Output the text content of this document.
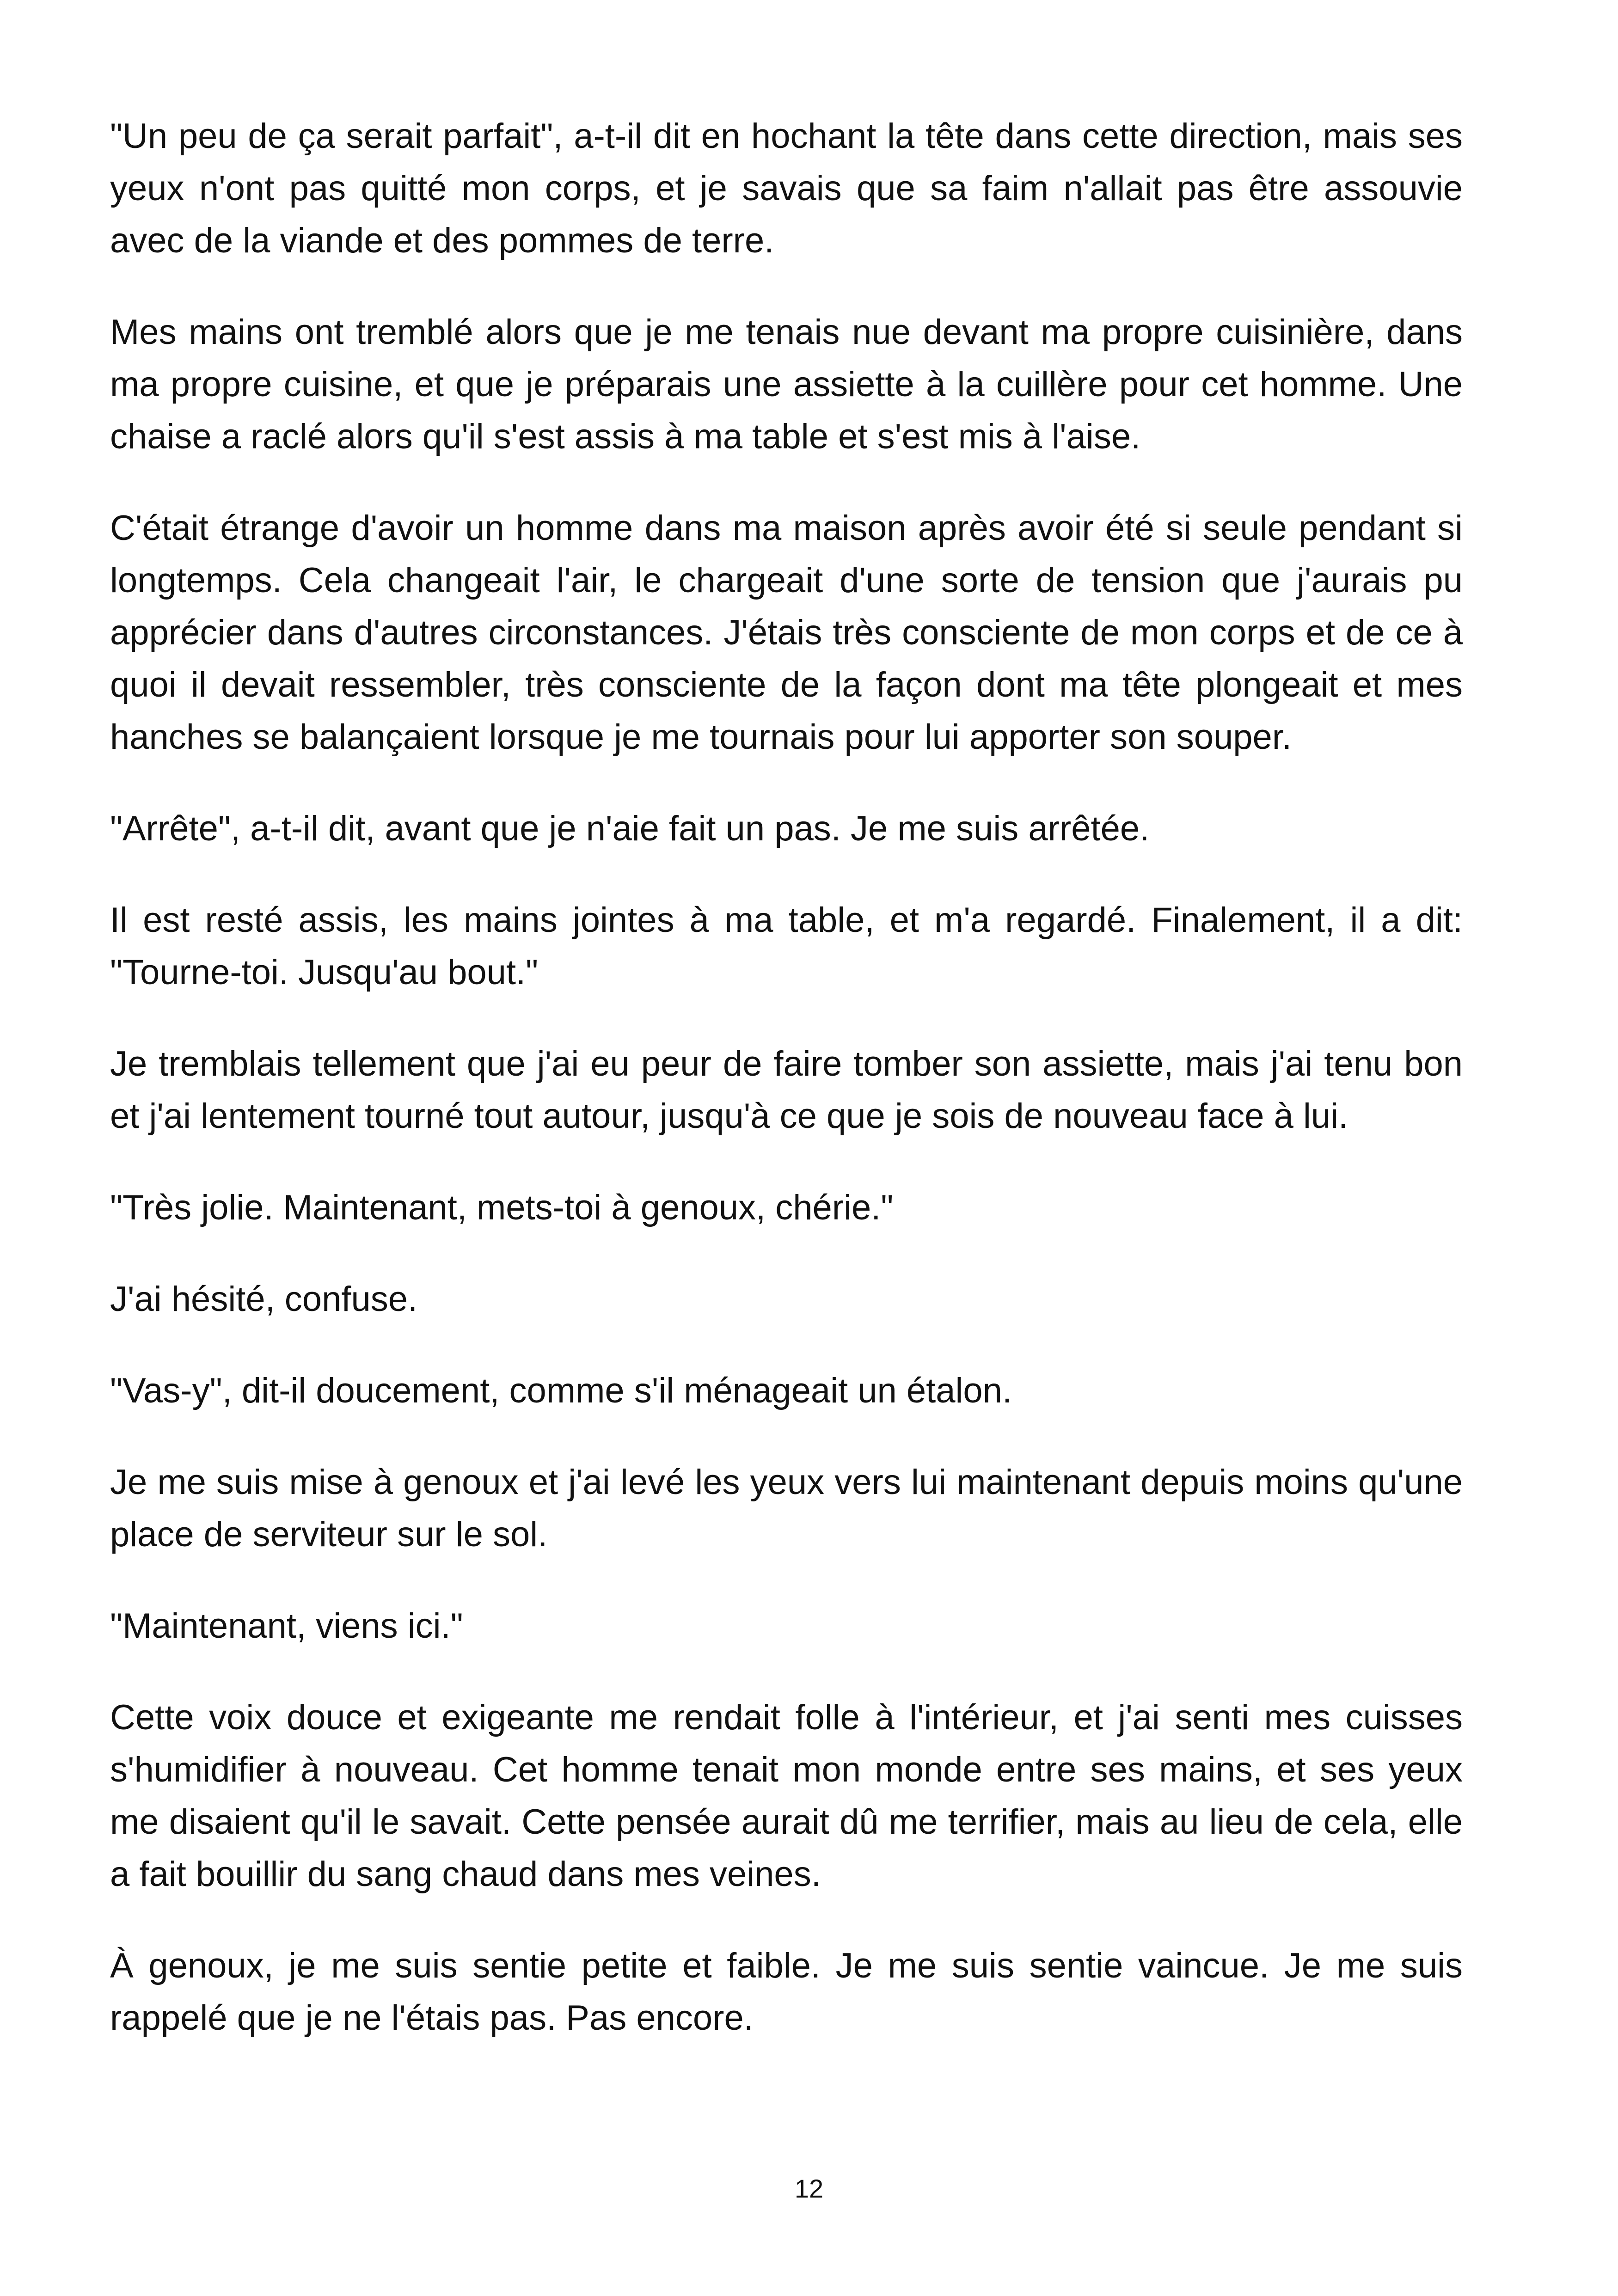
"Un peu de ça serait parfait", a-t-il dit en hochant la tête dans cette direction, mais ses yeux n'ont pas quitté mon corps, et je savais que sa faim n'allait pas être assouvie avec de la viande et des pommes de terre.

Mes mains ont tremblé alors que je me tenais nue devant ma propre cuisinière, dans ma propre cuisine, et que je préparais une assiette à la cuillère pour cet homme. Une chaise a raclé alors qu'il s'est assis à ma table et s'est mis à l'aise.

C'était étrange d'avoir un homme dans ma maison après avoir été si seule pendant si longtemps. Cela changeait l'air, le chargeait d'une sorte de tension que j'aurais pu apprécier dans d'autres circonstances. J'étais très consciente de mon corps et de ce à quoi il devait ressembler, très consciente de la façon dont ma tête plongeait et mes hanches se balançaient lorsque je me tournais pour lui apporter son souper.

"Arrête", a-t-il dit, avant que je n'aie fait un pas. Je me suis arrêtée.

Il est resté assis, les mains jointes à ma table, et m'a regardé. Finalement, il a dit: "Tourne-toi. Jusqu'au bout."

Je tremblais tellement que j'ai eu peur de faire tomber son assiette, mais j'ai tenu bon et j'ai lentement tourné tout autour, jusqu'à ce que je sois de nouveau face à lui.

"Très jolie. Maintenant, mets-toi à genoux, chérie."

J'ai hésité, confuse.

"Vas-y", dit-il doucement, comme s'il ménageait un étalon.

Je me suis mise à genoux et j'ai levé les yeux vers lui maintenant depuis moins qu'une place de serviteur sur le sol.

"Maintenant, viens ici."

Cette voix douce et exigeante me rendait folle à l'intérieur, et j'ai senti mes cuisses s'humidifier à nouveau. Cet homme tenait mon monde entre ses mains, et ses yeux me disaient qu'il le savait. Cette pensée aurait dû me terrifier, mais au lieu de cela, elle a fait bouillir du sang chaud dans mes veines.

À genoux, je me suis sentie petite et faible. Je me suis sentie vaincue. Je me suis rappelé que je ne l'étais pas. Pas encore.

12
